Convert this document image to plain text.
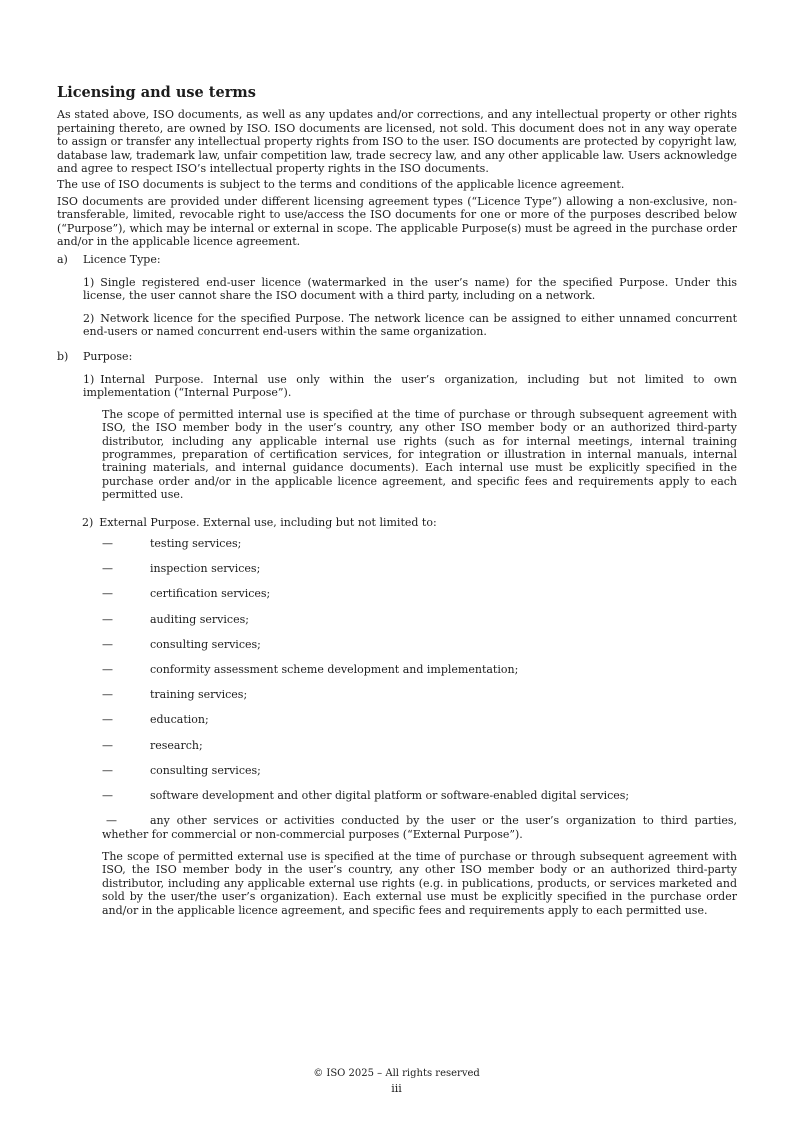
Licensing and use terms

As stated above, ISO documents, as well as any updates and/or corrections, and any intellectual property or other rights pertaining thereto, are owned by ISO. ISO documents are licensed, not sold. This document does not in any way operate to assign or transfer any intellectual property rights from ISO to the user. ISO documents are protected by copyright law, database law, trademark law, unfair competition law, trade secrecy law, and any other applicable law. Users acknowledge and agree to respect ISO’s intellectual property rights in the ISO documents.

The use of ISO documents is subject to the terms and conditions of the applicable licence agreement.

ISO documents are provided under different licensing agreement types (“Licence Type”) allowing a non-exclusive, non-transferable, limited, revocable right to use/access the ISO documents for one or more of the purposes described below (“Purpose”), which may be internal or external in scope. The applicable Purpose(s) must be agreed in the purchase order and/or in the applicable licence agreement.

a) Licence Type:

1) Single registered end-user licence (watermarked in the user’s name) for the specified Purpose. Under this license, the user cannot share the ISO document with a third party, including on a network.

2) Network licence for the specified Purpose. The network licence can be assigned to either unnamed concurrent end-users or named concurrent end-users within the same organization.

b) Purpose:

1) Internal Purpose. Internal use only within the user’s organization, including but not limited to own implementation (“Internal Purpose”).

The scope of permitted internal use is specified at the time of purchase or through subsequent agreement with ISO, the ISO member body in the user’s country, any other ISO member body or an authorized third-party distributor, including any applicable internal use rights (such as for internal meetings, internal training programmes, preparation of certification services, for integration or illustration in internal manuals, internal training materials, and internal guidance documents). Each internal use must be explicitly specified in the purchase order and/or in the applicable licence agreement, and specific fees and requirements apply to each permitted use.

2) External Purpose. External use, including but not limited to:

—	testing services;
—	inspection services;
—	certification services;
—	auditing services;
—	consulting services;
—	conformity assessment scheme development and implementation;
—	training services;
—	education;
—	research;
—	consulting services;
—	software development and other digital platform or software-enabled digital services;

—	any other services or activities conducted by the user or the user’s organization to third parties, whether for commercial or non-commercial purposes (“External Purpose”).

The scope of permitted external use is specified at the time of purchase or through subsequent agreement with ISO, the ISO member body in the user’s country, any other ISO member body or an authorized third-party distributor, including any applicable external use rights (e.g. in publications, products, or services marketed and sold by the user/the user’s organization). Each external use must be explicitly specified in the purchase order and/or in the applicable licence agreement, and specific fees and requirements apply to each permitted use.

© ISO 2025 – All rights reserved
iii
